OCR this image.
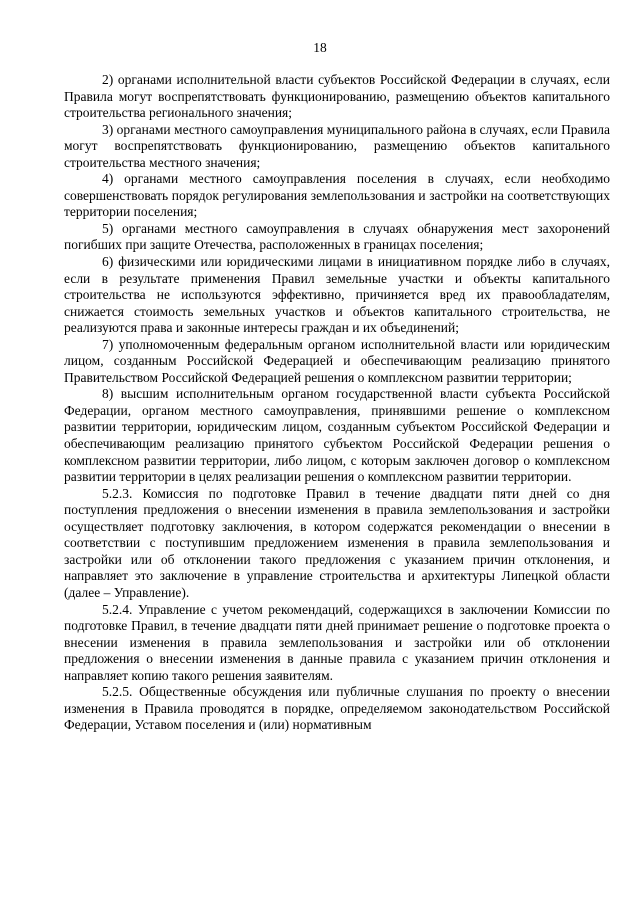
18

2) органами исполнительной власти субъектов Российской Федерации в случаях, если Правила могут воспрепятствовать функционированию, размещению объектов капитального строительства регионального значения;

3) органами местного самоуправления муниципального района в случаях, если Правила могут воспрепятствовать функционированию, размещению объектов капитального строительства местного значения;

4) органами местного самоуправления поселения в случаях, если необходимо совершенствовать порядок регулирования землепользования и застройки на соответствующих территории поселения;

5) органами местного самоуправления в случаях обнаружения мест захоронений погибших при защите Отечества, расположенных в границах поселения;

6) физическими или юридическими лицами в инициативном порядке либо в случаях, если в результате применения Правил земельные участки и объекты капитального строительства не используются эффективно, причиняется вред их правообладателям, снижается стоимость земельных участков и объектов капитального строительства, не реализуются права и законные интересы граждан и их объединений;

7) уполномоченным федеральным органом исполнительной власти или юридическим лицом, созданным Российской Федерацией и обеспечивающим реализацию принятого Правительством Российской Федерацией решения о комплексном развитии территории;

8) высшим исполнительным органом государственной власти субъекта Российской Федерации, органом местного самоуправления, принявшими решение о комплексном развитии территории, юридическим лицом, созданным субъектом Российской Федерации и обеспечивающим реализацию принятого субъектом Российской Федерации решения о комплексном развитии территории, либо лицом, с которым заключен договор о комплексном развитии территории в целях реализации решения о комплексном развитии территории.

5.2.3. Комиссия по подготовке Правил в течение двадцати пяти дней со дня поступления предложения о внесении изменения в правила землепользования и застройки осуществляет подготовку заключения, в котором содержатся рекомендации о внесении в соответствии с поступившим предложением изменения в правила землепользования и застройки или об отклонении такого предложения с указанием причин отклонения, и направляет это заключение в управление строительства и архитектуры Липецкой области (далее – Управление).

5.2.4. Управление с учетом рекомендаций, содержащихся в заключении Комиссии по подготовке Правил, в течение двадцати пяти дней принимает решение о подготовке проекта о внесении изменения в правила землепользования и застройки или об отклонении предложения о внесении изменения в данные правила с указанием причин отклонения и направляет копию такого решения заявителям.

5.2.5. Общественные обсуждения или публичные слушания по проекту о внесении изменения в Правила проводятся в порядке, определяемом законодательством Российской Федерации, Уставом поселения и (или) нормативным
